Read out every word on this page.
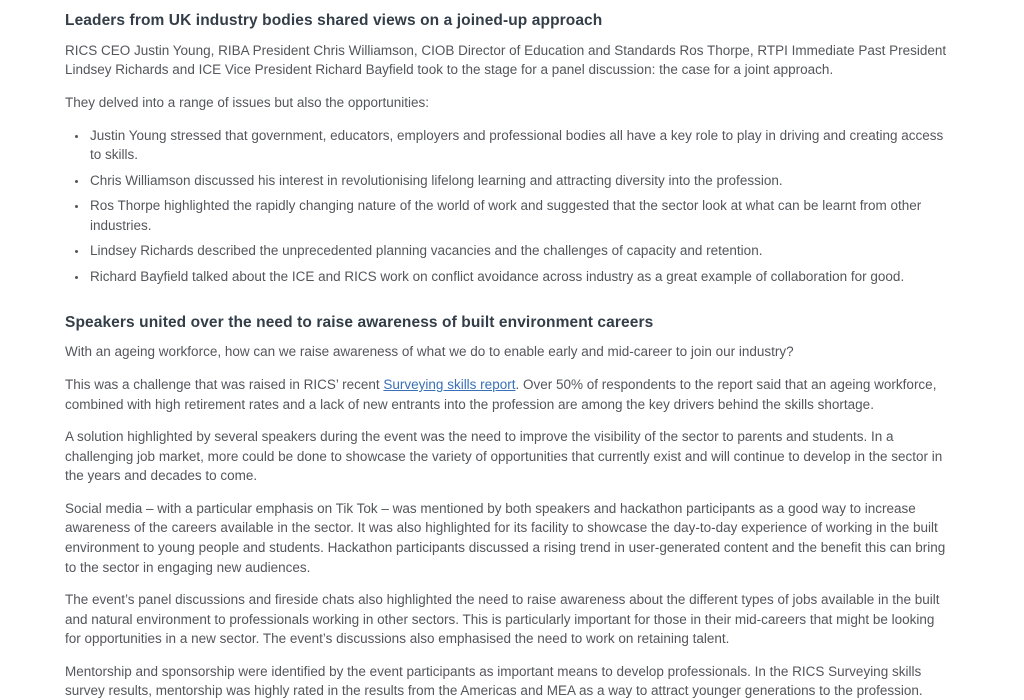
Leaders from UK industry bodies shared views on a joined-up approach

RICS CEO Justin Young, RIBA President Chris Williamson, CIOB Director of Education and Standards Ros Thorpe, RTPI Immediate Past President Lindsey Richards and ICE Vice President Richard Bayfield took to the stage for a panel discussion: the case for a joint approach.

They delved into a range of issues but also the opportunities:

• Justin Young stressed that government, educators, employers and professional bodies all have a key role to play in driving and creating access to skills.
• Chris Williamson discussed his interest in revolutionising lifelong learning and attracting diversity into the profession.
• Ros Thorpe highlighted the rapidly changing nature of the world of work and suggested that the sector look at what can be learnt from other industries.
• Lindsey Richards described the unprecedented planning vacancies and the challenges of capacity and retention.
• Richard Bayfield talked about the ICE and RICS work on conflict avoidance across industry as a great example of collaboration for good.
Speakers united over the need to raise awareness of built environment careers

With an ageing workforce, how can we raise awareness of what we do to enable early and mid-career to join our industry?

This was a challenge that was raised in RICS’ recent Surveying skills report. Over 50% of respondents to the report said that an ageing workforce, combined with high retirement rates and a lack of new entrants into the profession are among the key drivers behind the skills shortage.

A solution highlighted by several speakers during the event was the need to improve the visibility of the sector to parents and students. In a challenging job market, more could be done to showcase the variety of opportunities that currently exist and will continue to develop in the sector in the years and decades to come.

Social media – with a particular emphasis on Tik Tok – was mentioned by both speakers and hackathon participants as a good way to increase awareness of the careers available in the sector. It was also highlighted for its facility to showcase the day-to-day experience of working in the built environment to young people and students. Hackathon participants discussed a rising trend in user-generated content and the benefit this can bring to the sector in engaging new audiences.

The event’s panel discussions and fireside chats also highlighted the need to raise awareness about the different types of jobs available in the built and natural environment to professionals working in other sectors. This is particularly important for those in their mid-careers that might be looking for opportunities in a new sector. The event’s discussions also emphasised the need to work on retaining talent.

Mentorship and sponsorship were identified by the event participants as important means to develop professionals. In the RICS Surveying skills survey results, mentorship was highly rated in the results from the Americas and MEA as a way to attract younger generations to the profession.
